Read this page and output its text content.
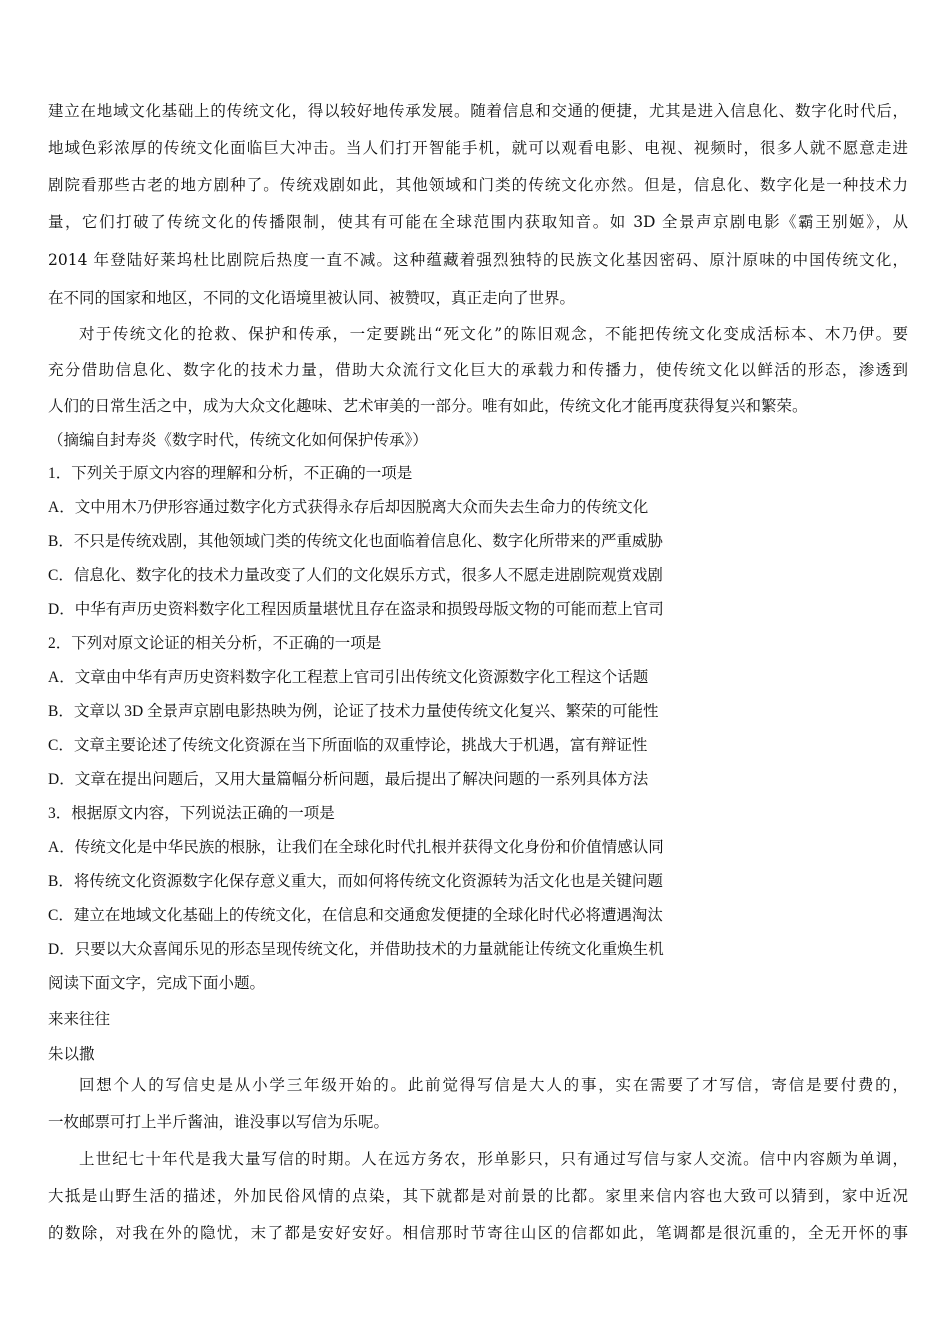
建立在地域文化基础上的传统文化，得以较好地传承发展。随着信息和交通的便捷，尤其是进入信息化、数字化时代后，
地域色彩浓厚的传统文化面临巨大冲击。当人们打开智能手机，就可以观看电影、电视、视频时，很多人就不愿意走进
剧院看那些古老的地方剧种了。传统戏剧如此，其他领域和门类的传统文化亦然。但是，信息化、数字化是一种技术力
量，它们打破了传统文化的传播限制，使其有可能在全球范围内获取知音。如 3D 全景声京剧电影《霸王别姬》，从
2014 年登陆好莱坞杜比剧院后热度一直不减。这种蕴藏着强烈独特的民族文化基因密码、原汁原味的中国传统文化，
在不同的国家和地区，不同的文化语境里被认同、被赞叹，真正走向了世界。
对于传统文化的抢救、保护和传承，一定要跳出“死文化”的陈旧观念，不能把传统文化变成活标本、木乃伊。要
充分借助信息化、数字化的技术力量，借助大众流行文化巨大的承载力和传播力，使传统文化以鲜活的形态，渗透到
人们的日常生活之中，成为大众文化趣味、艺术审美的一部分。唯有如此，传统文化才能再度获得复兴和繁荣。
（摘编自封寿炎《数字时代，传统文化如何保护传承》）
1．下列关于原文内容的理解和分析，不正确的一项是
A．文中用木乃伊形容通过数字化方式获得永存后却因脱离大众而失去生命力的传统文化
B．不只是传统戏剧，其他领域门类的传统文化也面临着信息化、数字化所带来的严重威胁
C．信息化、数字化的技术力量改变了人们的文化娱乐方式，很多人不愿走进剧院观赏戏剧
D．中华有声历史资料数字化工程因质量堪忧且存在盗录和损毁母版文物的可能而惹上官司
2．下列对原文论证的相关分析，不正确的一项是
A．文章由中华有声历史资料数字化工程惹上官司引出传统文化资源数字化工程这个话题
B．文章以 3D 全景声京剧电影热映为例，论证了技术力量使传统文化复兴、繁荣的可能性
C．文章主要论述了传统文化资源在当下所面临的双重悖论，挑战大于机遇，富有辩证性
D．文章在提出问题后，又用大量篇幅分析问题，最后提出了解决问题的一系列具体方法
3．根据原文内容，下列说法正确的一项是
A．传统文化是中华民族的根脉，让我们在全球化时代扎根并获得文化身份和价值情感认同
B．将传统文化资源数字化保存意义重大，而如何将传统文化资源转为活文化也是关键问题
C．建立在地域文化基础上的传统文化，在信息和交通愈发便捷的全球化时代必将遭遇淘汰
D．只要以大众喜闻乐见的形态呈现传统文化，并借助技术的力量就能让传统文化重焕生机
阅读下面文字，完成下面小题。
来来往往
朱以撒
回想个人的写信史是从小学三年级开始的。此前觉得写信是大人的事，实在需要了才写信，寄信是要付费的，
一枚邮票可打上半斤酱油，谁没事以写信为乐呢。
上世纪七十年代是我大量写信的时期。人在远方务农，形单影只，只有通过写信与家人交流。信中内容颇为单调，
大抵是山野生活的描述，外加民俗风情的点染，其下就都是对前景的比都。家里来信内容也大致可以猜到，家中近况
的数除，对我在外的隐忧，末了都是安好安好。相信那时节寄往山区的信都如此，笔调都是很沉重的，全无开怀的事
